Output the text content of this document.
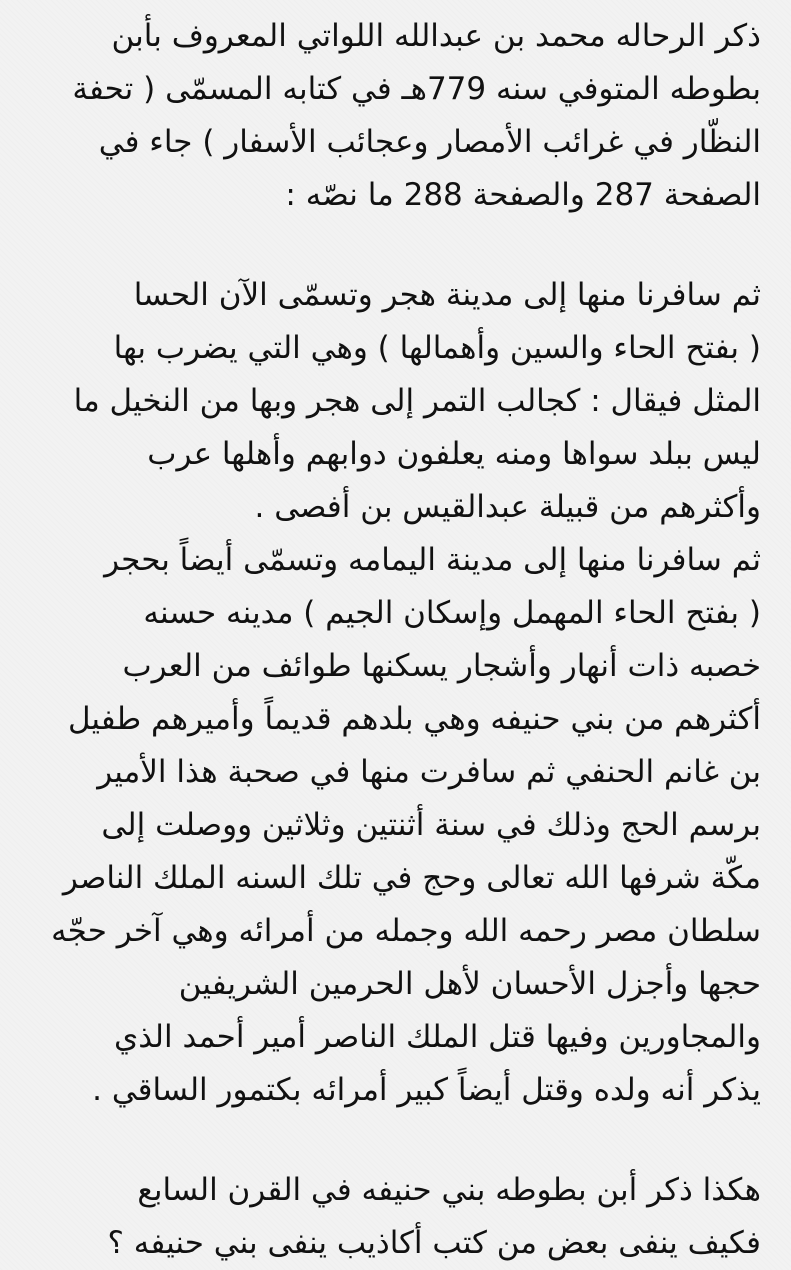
ذكر الرحاله محمد بن عبدالله اللواتي المعروف بأبن
بطوطه المتوفي سنه 779هـ في كتابه المسمّى ( تحفة
النظّار في غرائب الأمصار وعجائب الأسفار ) جاء في
الصفحة 287 والصفحة 288 ما نصّه :
ثم سافرنا منها إلى مدينة هجر وتسمّى الآن الحسا
( بفتح الحاء والسين وأهمالها ) وهي التي يضرب بها
المثل فيقال : كجالب التمر إلى هجر وبها من النخيل ما
ليس ببلد سواها ومنه يعلفون دوابهم وأهلها عرب
وأكثرهم من قبيلة عبدالقيس بن أفصى .
ثم سافرنا منها إلى مدينة اليمامه وتسمّى أيضاً بحجر
( بفتح الحاء المهمل وإسكان الجيم ) مدينه حسنه
خصبه ذات أنهار وأشجار يسكنها طوائف من العرب
أكثرهم من بني حنيفه وهي بلدهم قديماً وأميرهم طفيل
بن غانم الحنفي ثم سافرت منها في صحبة هذا الأمير
برسم الحج وذلك في سنة أثنتين وثلاثين ووصلت إلى
مكّة شرفها الله تعالى وحج في تلك السنه الملك الناصر
سلطان مصر رحمه الله وجمله من أمرائه وهي آخر حجّه
حجها وأجزل الأحسان لأهل الحرمين الشريفين
والمجاورين وفيها قتل الملك الناصر أمير أحمد الذي
يذكر أنه ولده وقتل أيضاً كبير أمرائه بكتمور الساقي .
هكذا ذكر أبن بطوطه بني حنيفه في القرن السابع
فكيف ينفى بعض من كتب أكاذيب ينفى بني حنيفه ؟
